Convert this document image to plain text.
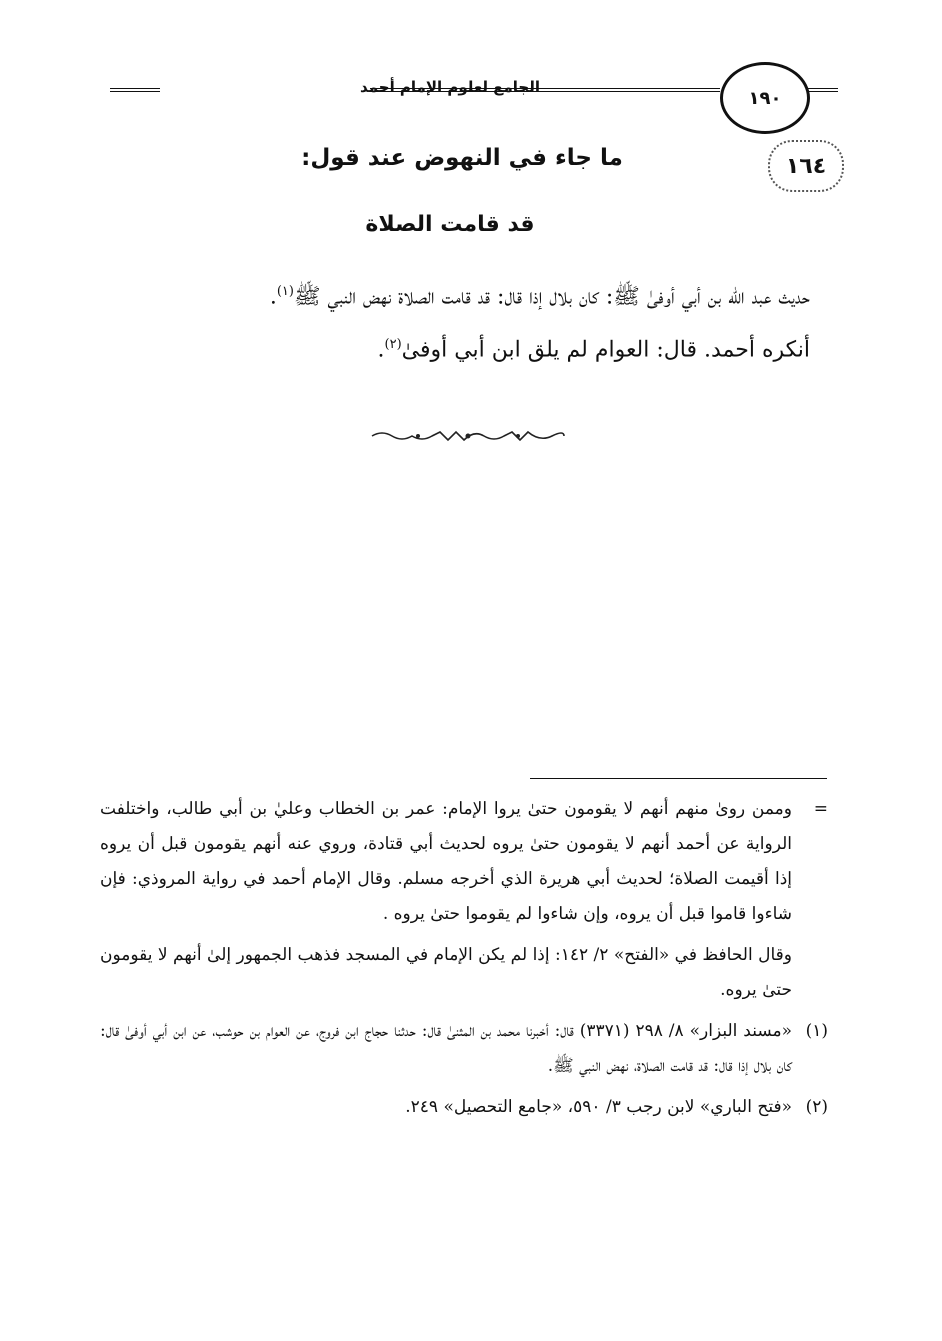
الجامع لعلوم الإمام أحمد
١٩٠
١٦٤
ما جاء في النهوض عند قول:
قد قامت الصلاة

حديث عبد الله بن أبي أوفىٰ ﷺ: كان بلال إذا قال: قد قامت الصلاة نهض النبي ﷺ$^{(١)}$.

أنكره أحمد. قال: العوام لم يلق ابن أبي أوفىٰ$^{(٢)}$.

=

وممن رویٰ منهم أنهم لا يقومون حتىٰ يروا الإمام: عمر بن الخطاب وعليٰ بن أبي طالب، واختلفت الرواية عن أحمد أنهم لا يقومون حتىٰ يروه لحديث أبي قتادة، وروي عنه أنهم يقومون قبل أن يروه إذا أقيمت الصلاة؛ لحديث أبي هريرة الذي أخرجه مسلم. وقال الإمام أحمد في رواية المروذي: فإن شاءوا قاموا قبل أن يروه، وإن شاءوا لم يقوموا حتىٰ يروه .

وقال الحافظ في «الفتح» ٢/ ١٤٢: إذا لم يكن الإمام في المسجد فذهب الجمهور إلىٰ أنهم لا يقومون حتىٰ يروه.

(١)
«مسند البزار» ٨/ ٢٩٨ (٣٣٧١) قال: أخبرنا محمد بن المثنىٰ قال: حدثنا حجاج ابن فروج، عن العوام بن حوشب، عن ابن أبي أوفىٰ قال: كان بلال إذا قال: قد قامت الصلاة، نهض النبي ﷺ.
(٢)
«فتح الباري» لابن رجب ٣/ ٥٩٠، «جامع التحصيل» ٢٤٩.
